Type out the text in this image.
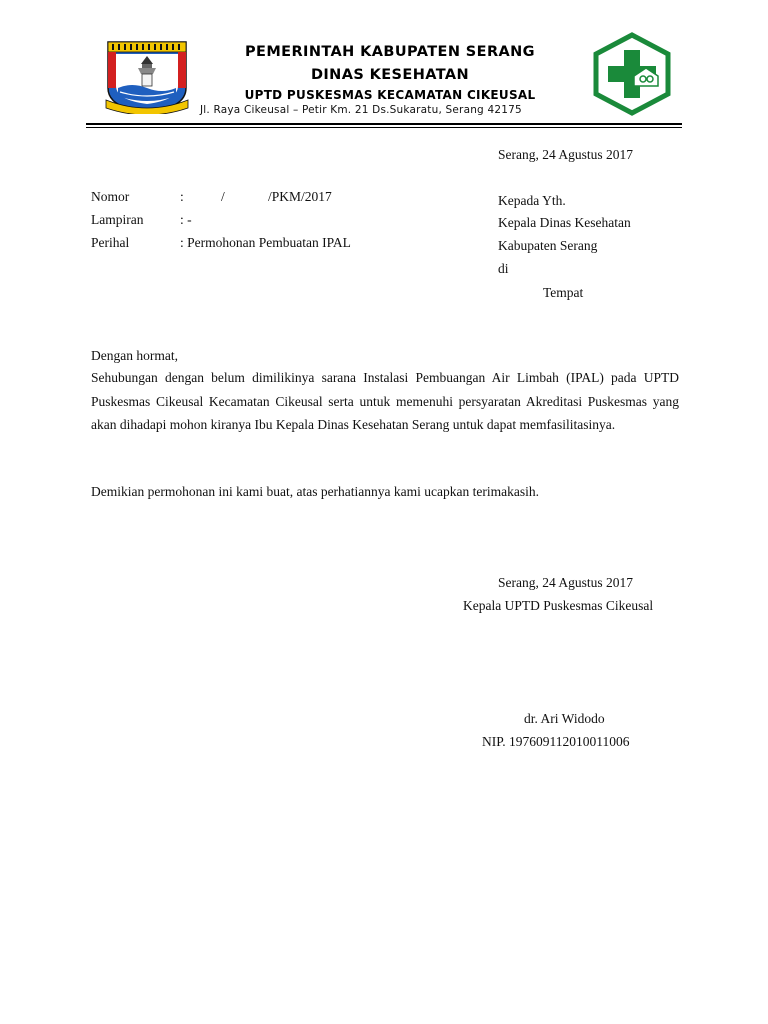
PEMERINTAH KABUPATEN SERANG
DINAS KESEHATAN
UPTD PUSKESMAS KECAMATAN CIKEUSAL
Jl. Raya Cikeusal – Petir Km. 21 Ds.Sukaratu, Serang 42175
Serang, 24 Agustus 2017
Nomor	:	/	/PKM/2017
Lampiran	: -
Perihal	: Permohonan Pembuatan IPAL
Kepada Yth.
Kepala Dinas Kesehatan
Kabupaten Serang
di
Tempat
Dengan hormat,
Sehubungan dengan belum dimilikinya sarana Instalasi Pembuangan Air Limbah (IPAL) pada UPTD Puskesmas Cikeusal Kecamatan Cikeusal serta untuk memenuhi persyaratan Akreditasi Puskesmas yang akan dihadapi mohon kiranya Ibu Kepala Dinas Kesehatan Serang untuk dapat memfasilitasinya.
Demikian permohonan ini kami buat, atas perhatiannya kami ucapkan terimakasih.
Serang, 24 Agustus 2017
Kepala UPTD Puskesmas Cikeusal
dr. Ari Widodo
NIP. 197609112010011006
